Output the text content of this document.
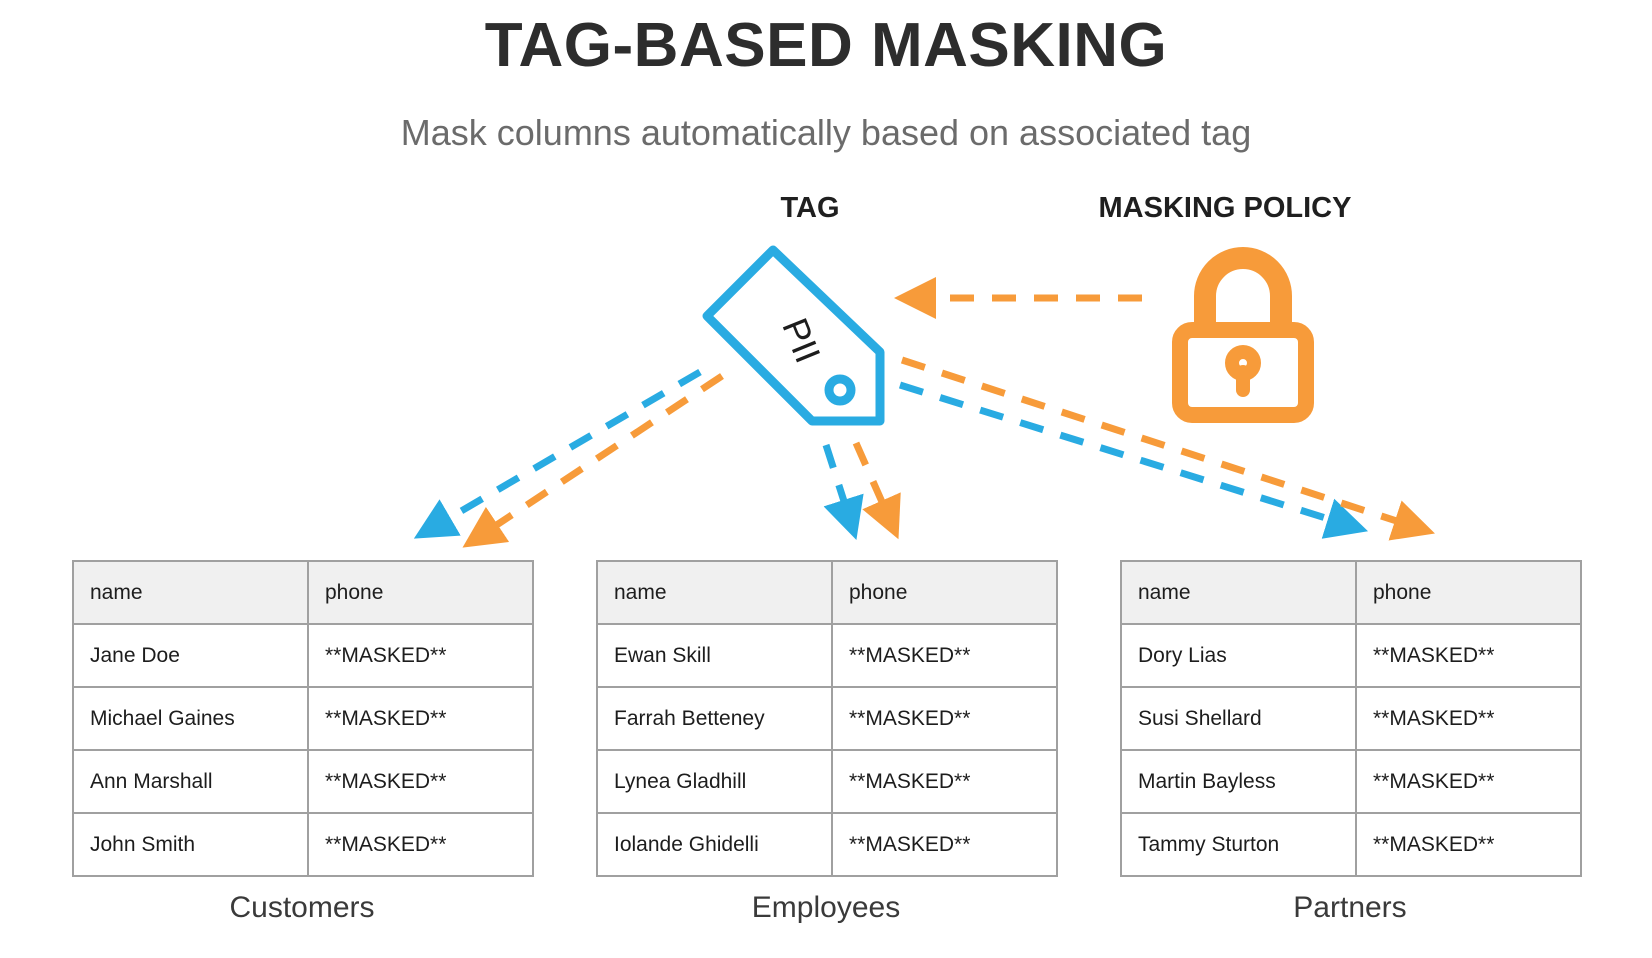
TAG-BASED MASKING
Mask columns automatically based on associated tag
TAG	MASKING POLICY
PII
name	phone
Jane Doe	**MASKED**
Michael Gaines	**MASKED**
Ann Marshall	**MASKED**
John Smith	**MASKED**
Customers
name	phone
Ewan Skill	**MASKED**
Farrah Betteney	**MASKED**
Lynea Gladhill	**MASKED**
Iolande Ghidelli	**MASKED**
Employees
name	phone
Dory Lias	**MASKED**
Susi Shellard	**MASKED**
Martin Bayless	**MASKED**
Tammy Sturton	**MASKED**
Partners
